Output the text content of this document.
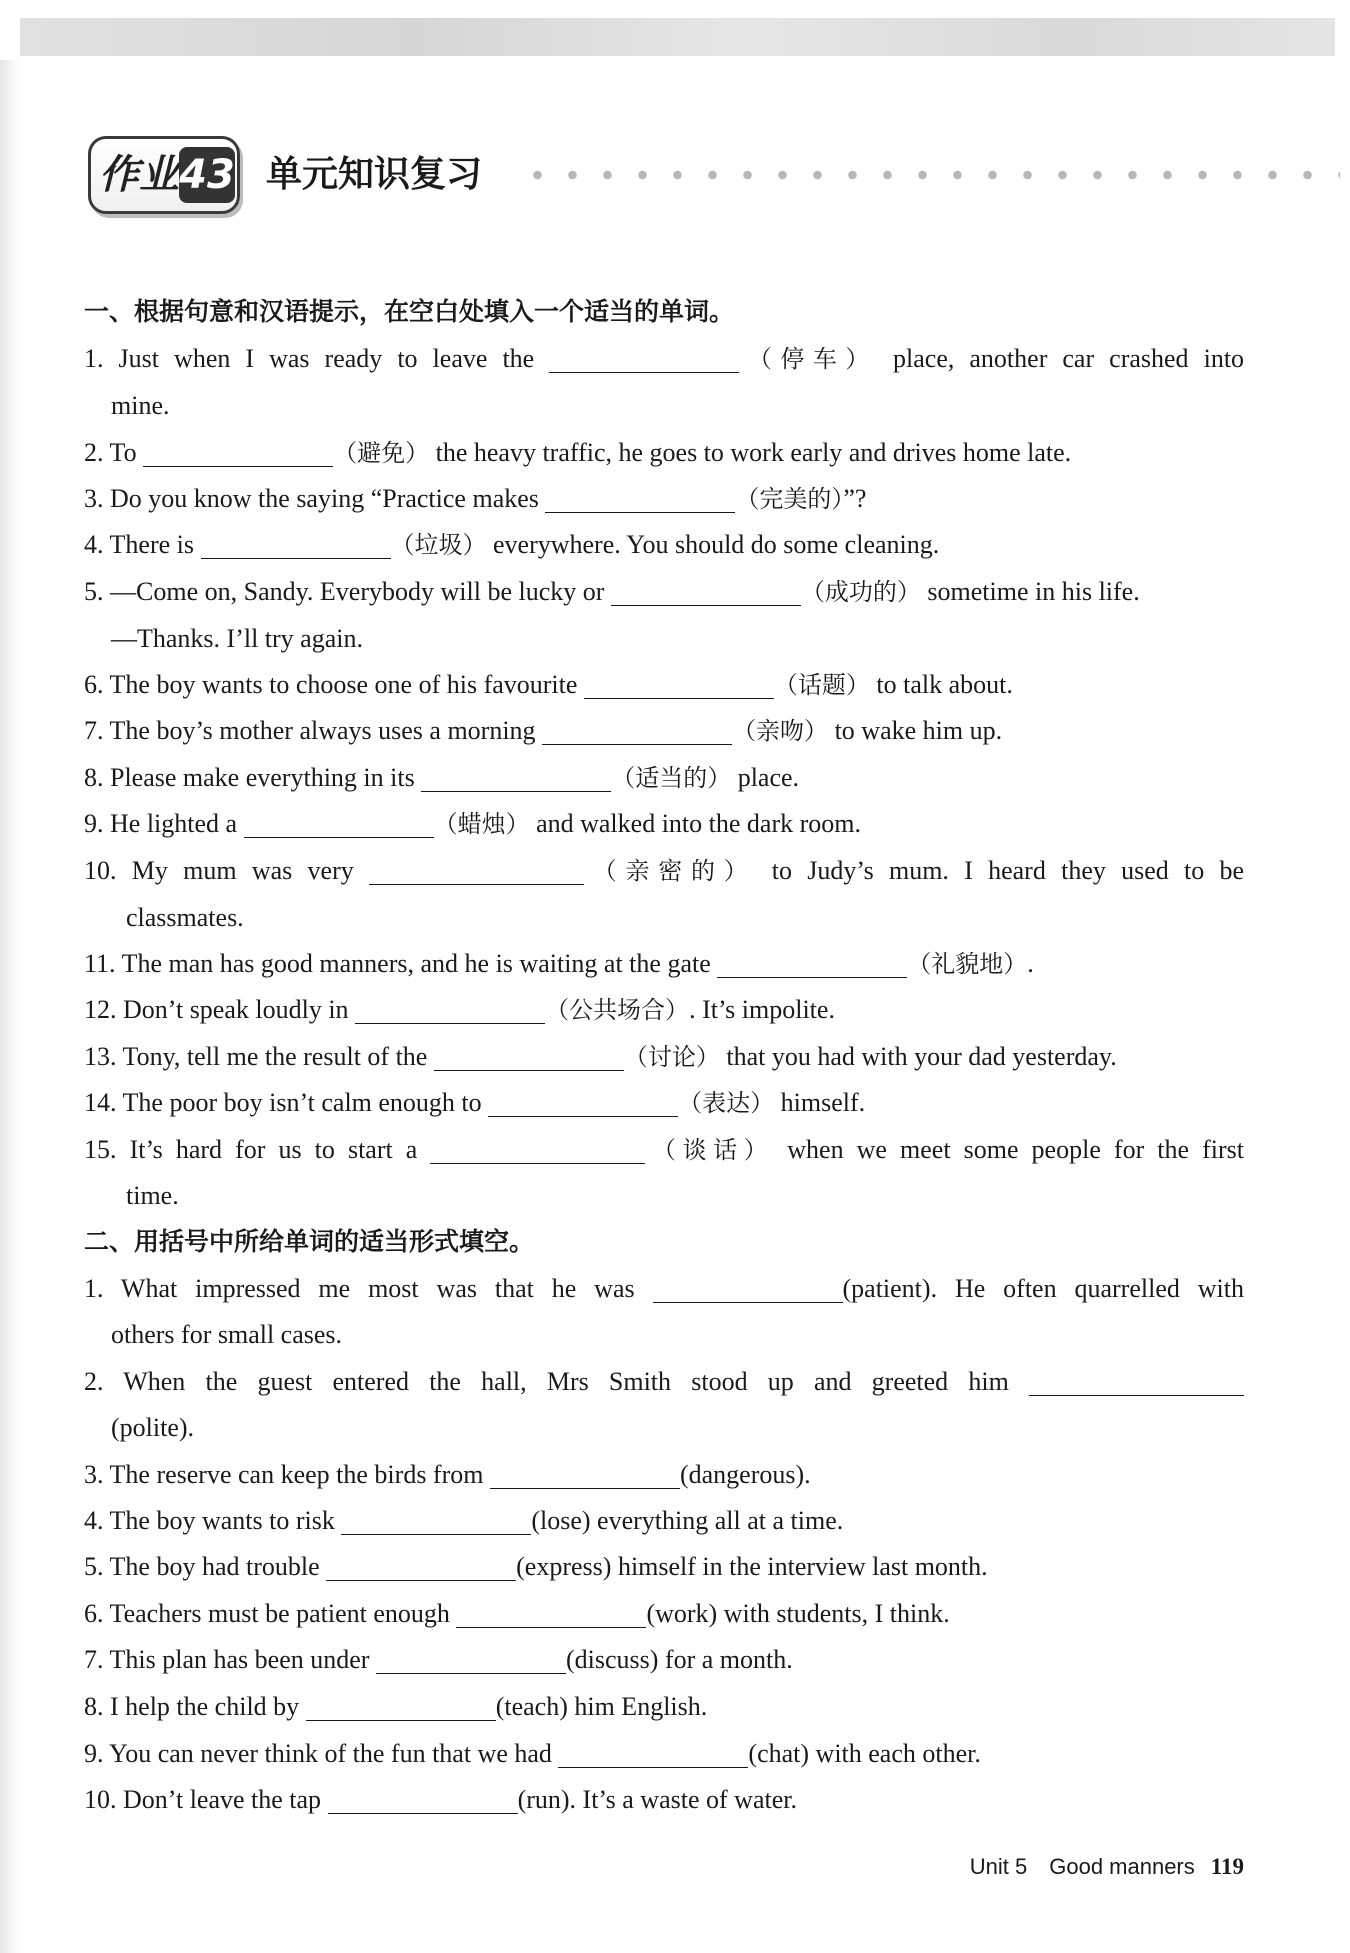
作业 43 单元知识复习
一、根据句意和汉语提示，在空白处填入一个适当的单词。
1. Just when I was ready to leave the	（停车） place, another car crashed into
mine.
2. To	（避免） the heavy traffic, he goes to work early and drives home late.
3. Do you know the saying “Practice makes	（完美的）”?
4. There is	（垃圾） everywhere. You should do some cleaning.
5. —Come on, Sandy. Everybody will be lucky or	（成功的） sometime in his life.
—Thanks. I’ll try again.
6. The boy wants to choose one of his favourite	（话题） to talk about.
7. The boy’s mother always uses a morning	（亲吻） to wake him up.
8. Please make everything in its	（适当的） place.
9. He lighted a	（蜡烛） and walked into the dark room.
10. My mum was very	（亲密的） to Judy’s mum. I heard they used to be
classmates.
11. The man has good manners, and he is waiting at the gate	（礼貌地）.
12. Don’t speak loudly in	（公共场合）. It’s impolite.
13. Tony, tell me the result of the	（讨论） that you had with your dad yesterday.
14. The poor boy isn’t calm enough to	（表达） himself.
15. It’s hard for us to start a	（谈话） when we meet some people for the first
time.
二、用括号中所给单词的适当形式填空。
1. What impressed me most was that he was	(patient). He often quarrelled with
others for small cases.
2. When the guest entered the hall, Mrs Smith stood up and greeted him
(polite).
3. The reserve can keep the birds from	(dangerous).
4. The boy wants to risk	(lose) everything all at a time.
5. The boy had trouble	(express) himself in the interview last month.
6. Teachers must be patient enough	(work) with students, I think.
7. This plan has been under	(discuss) for a month.
8. I help the child by	(teach) him English.
9. You can never think of the fun that we had	(chat) with each other.
10. Don’t leave the tap	(run). It’s a waste of water.
Unit 5 Good manners 119
